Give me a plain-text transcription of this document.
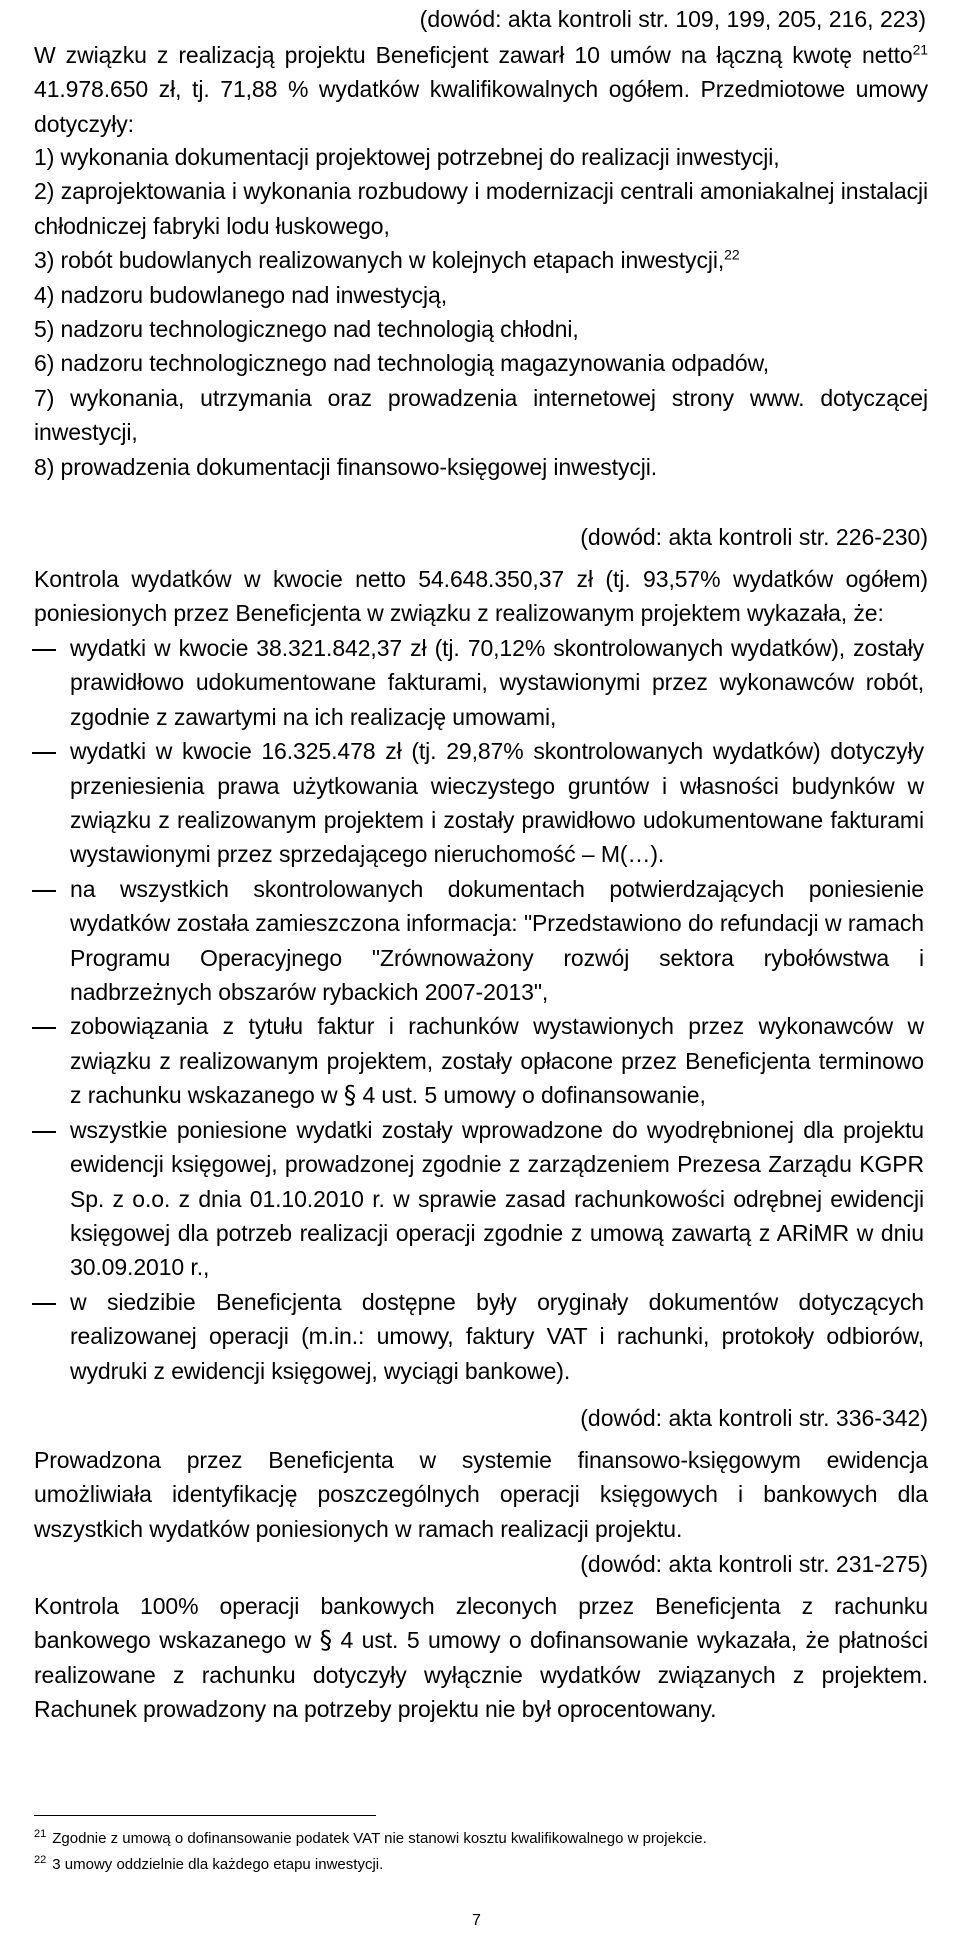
(dowód: akta kontroli str. 109, 199, 205, 216, 223)

W związku z realizacją projektu Beneficjent zawarł 10 umów na łączną kwotę netto$^{21}$ 41.978.650 zł, tj. 71,88 % wydatków kwalifikowalnych ogółem. Przedmiotowe umowy dotyczyły:
1) wykonania dokumentacji projektowej potrzebnej do realizacji inwestycji,
2) zaprojektowania i wykonania rozbudowy i modernizacji centrali amoniakalnej instalacji chłodniczej fabryki lodu łuskowego,
3) robót budowlanych realizowanych w kolejnych etapach inwestycji,$^{22}$
4) nadzoru budowlanego nad inwestycją,
5) nadzoru technologicznego nad technologią chłodni,
6) nadzoru technologicznego nad technologią magazynowania odpadów,
7) wykonania, utrzymania oraz prowadzenia internetowej strony www. dotyczącej inwestycji,
8) prowadzenia dokumentacji finansowo-księgowej inwestycji.

(dowód: akta kontroli str. 226-230)

Kontrola wydatków w kwocie netto 54.648.350,37 zł (tj. 93,57% wydatków ogółem) poniesionych przez Beneficjenta w związku z realizowanym projektem wykazała, że:
wydatki w kwocie 38.321.842,37 zł (tj. 70,12% skontrolowanych wydatków), zostały prawidłowo udokumentowane fakturami, wystawionymi przez wykonawców robót, zgodnie z zawartymi na ich realizację umowami,
wydatki w kwocie 16.325.478 zł (tj. 29,87% skontrolowanych wydatków) dotyczyły przeniesienia prawa użytkowania wieczystego gruntów i własności budynków w związku z realizowanym projektem i zostały prawidłowo udokumentowane fakturami wystawionymi przez sprzedającego nieruchomość – M(…).
na wszystkich skontrolowanych dokumentach potwierdzających poniesienie wydatków została zamieszczona informacja: "Przedstawiono do refundacji w ramach Programu Operacyjnego "Zrównoważony rozwój sektora rybołówstwa i nadbrzeżnych obszarów rybackich 2007-2013",
zobowiązania z tytułu faktur i rachunków wystawionych przez wykonawców w związku z realizowanym projektem, zostały opłacone przez Beneficjenta terminowo z rachunku wskazanego w § 4 ust. 5 umowy o dofinansowanie,
wszystkie poniesione wydatki zostały wprowadzone do wyodrębnionej dla projektu ewidencji księgowej, prowadzonej zgodnie z zarządzeniem Prezesa Zarządu KGPR Sp. z o.o. z dnia 01.10.2010 r. w sprawie zasad rachunkowości odrębnej ewidencji księgowej dla potrzeb realizacji operacji zgodnie z umową zawartą z ARiMR w dniu 30.09.2010 r.,
w siedzibie Beneficjenta dostępne były oryginały dokumentów dotyczących realizowanej operacji (m.in.: umowy, faktury VAT i rachunki, protokoły odbiorów, wydruki z ewidencji księgowej, wyciągi bankowe).

(dowód: akta kontroli str. 336-342)

Prowadzona przez Beneficjenta w systemie finansowo-księgowym ewidencja umożliwiała identyfikację poszczególnych operacji księgowych i bankowych dla wszystkich wydatków poniesionych w ramach realizacji projektu.

(dowód: akta kontroli str. 231-275)

Kontrola 100% operacji bankowych zleconych przez Beneficjenta z rachunku bankowego wskazanego w § 4 ust. 5 umowy o dofinansowanie wykazała, że płatności realizowane z rachunku dotyczyły wyłącznie wydatków związanych z projektem. Rachunek prowadzony na potrzeby projektu nie był oprocentowany.

$^{21}$ Zgodnie z umową o dofinansowanie podatek VAT nie stanowi kosztu kwalifikowalnego w projekcie.

$^{22}$ 3 umowy oddzielnie dla każdego etapu inwestycji.

7
